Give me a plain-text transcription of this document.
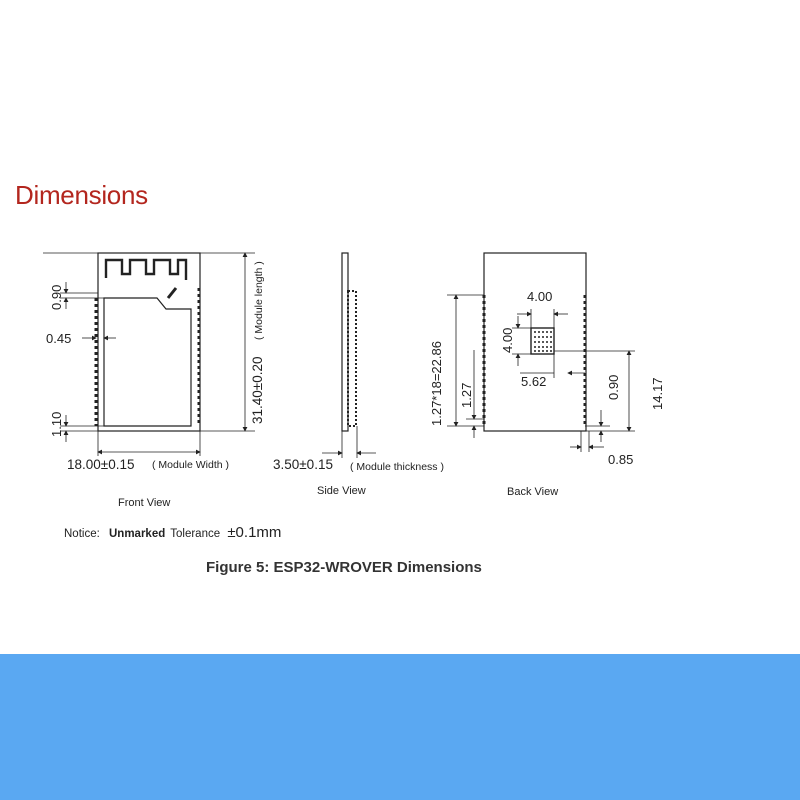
Dimensions
0.90
0.45
1.10
18.00±0.15 ( Module Width )
31.40±0.20
( Module length )
Front View
3.50±0.15 ( Module thickness )
Side View
1.27*18=22.86 1.27
4.00
4.00
5.62	0.90 14.17
0.85
Back View
Notice: Unmarked Tolerance ±0.1mm
Figure 5: ESP32-WROVER Dimensions
